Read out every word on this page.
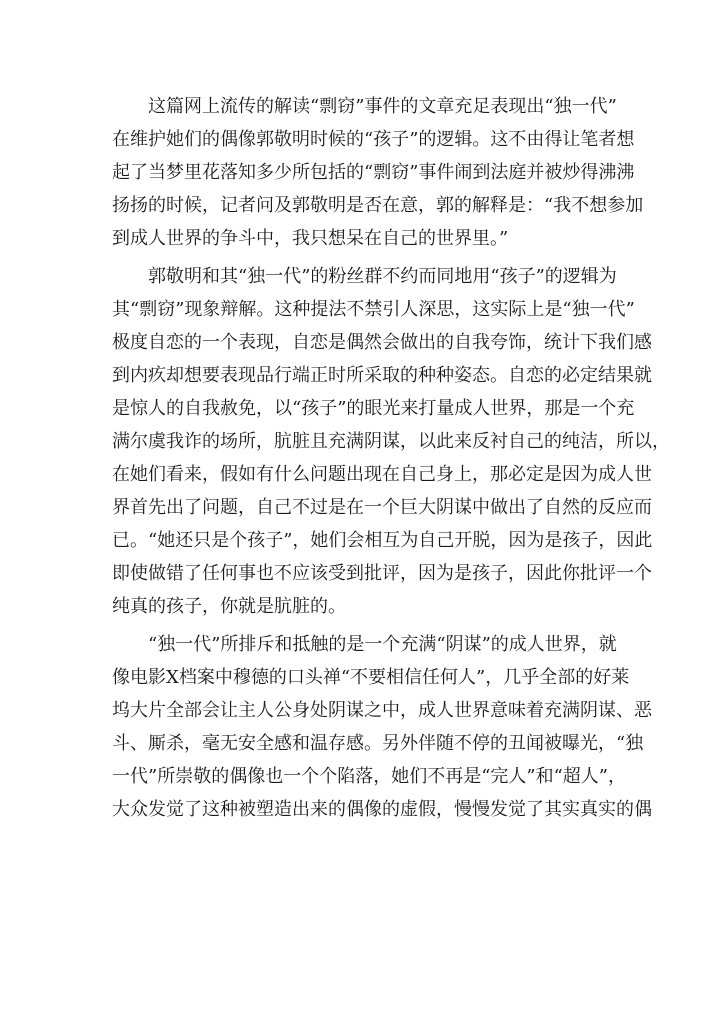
这篇网上流传的解读“剽窃”事件的文章充足表现出“独一代”
在维护她们的偶像郭敬明时候的“孩子”的逻辑。这不由得让笔者想
起了当梦里花落知多少所包括的“剽窃”事件闹到法庭并被炒得沸沸
扬扬的时候，记者问及郭敬明是否在意，郭的解释是：“我不想参加
到成人世界的争斗中，我只想呆在自己的世界里。”
郭敬明和其“独一代”的粉丝群不约而同地用“孩子”的逻辑为
其“剽窃”现象辩解。这种提法不禁引人深思，这实际上是“独一代”
极度自恋的一个表现，自恋是偶然会做出的自我夸饰，统计下我们感
到内疚却想要表现品行端正时所采取的种种姿态。自恋的必定结果就
是惊人的自我赦免，以“孩子”的眼光来打量成人世界，那是一个充
满尔虞我诈的场所，肮脏且充满阴谋，以此来反衬自己的纯洁，所以，
在她们看来，假如有什么问题出现在自己身上，那必定是因为成人世
界首先出了问题，自己不过是在一个巨大阴谋中做出了自然的反应而
已。“她还只是个孩子”，她们会相互为自己开脱，因为是孩子，因此
即使做错了任何事也不应该受到批评，因为是孩子，因此你批评一个
纯真的孩子，你就是肮脏的。
“独一代”所排斥和抵触的是一个充满“阴谋”的成人世界，就
像电影X档案中穆德的口头禅“不要相信任何人”，几乎全部的好莱
坞大片全部会让主人公身处阴谋之中，成人世界意味着充满阴谋、恶
斗、厮杀，毫无安全感和温存感。另外伴随不停的丑闻被曝光，“独
一代”所崇敬的偶像也一个个陷落，她们不再是“完人”和“超人”，
大众发觉了这种被塑造出来的偶像的虚假，慢慢发觉了其实真实的偶
